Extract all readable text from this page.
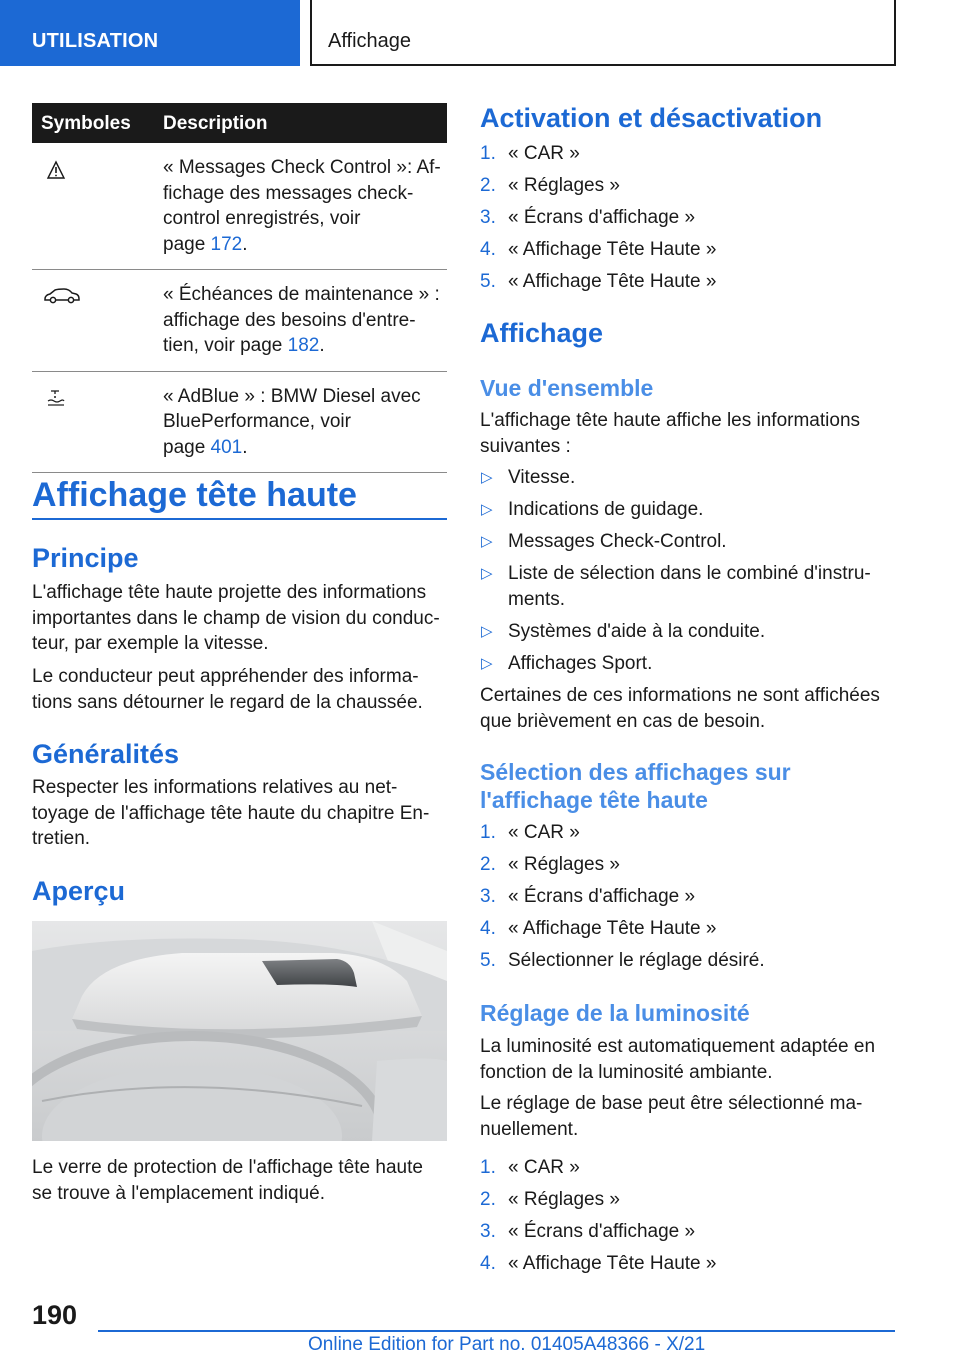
UTILISATION	Affichage
Symboles Description
« Messages Check Control »: Af-
fichage des messages check-
control enregistrés, voir
page 172.
« Échéances de maintenance » :
affichage des besoins d'entre-
tien, voir page 182.
« AdBlue » : BMW Diesel avec
BluePerformance, voir
page 401.
Affichage tête haute
Principe
L'affichage tête haute projette des informations
importantes dans le champ de vision du conduc-
teur, par exemple la vitesse.
Le conducteur peut appréhender des informa-
tions sans détourner le regard de la chaussée.
Généralités
Respecter les informations relatives au net-
toyage de l'affichage tête haute du chapitre En-
tretien.
Aperçu
Le verre de protection de l'affichage tête haute
se trouve à l'emplacement indiqué.
Activation et désactivation
1. « CAR »
2. « Réglages »
3. « Écrans d'affichage »
4. « Affichage Tête Haute »
5. « Affichage Tête Haute »
Affichage
Vue d'ensemble
L'affichage tête haute affiche les informations
suivantes :
▷ Vitesse.
▷ Indications de guidage.
▷ Messages Check-Control.
▷ Liste de sélection dans le combiné d'instru-
ments.
▷ Systèmes d'aide à la conduite.
▷ Affichages Sport.
Certaines de ces informations ne sont affichées
que brièvement en cas de besoin.
Sélection des affichages sur
l'affichage tête haute
1. « CAR »
2. « Réglages »
3. « Écrans d'affichage »
4. « Affichage Tête Haute »
5. Sélectionner le réglage désiré.
Réglage de la luminosité
La luminosité est automatiquement adaptée en
fonction de la luminosité ambiante.
Le réglage de base peut être sélectionné ma-
nuellement.
1. « CAR »
2. « Réglages »
3. « Écrans d'affichage »
4. « Affichage Tête Haute »
190
Online Edition for Part no. 01405A48366 - X/21
